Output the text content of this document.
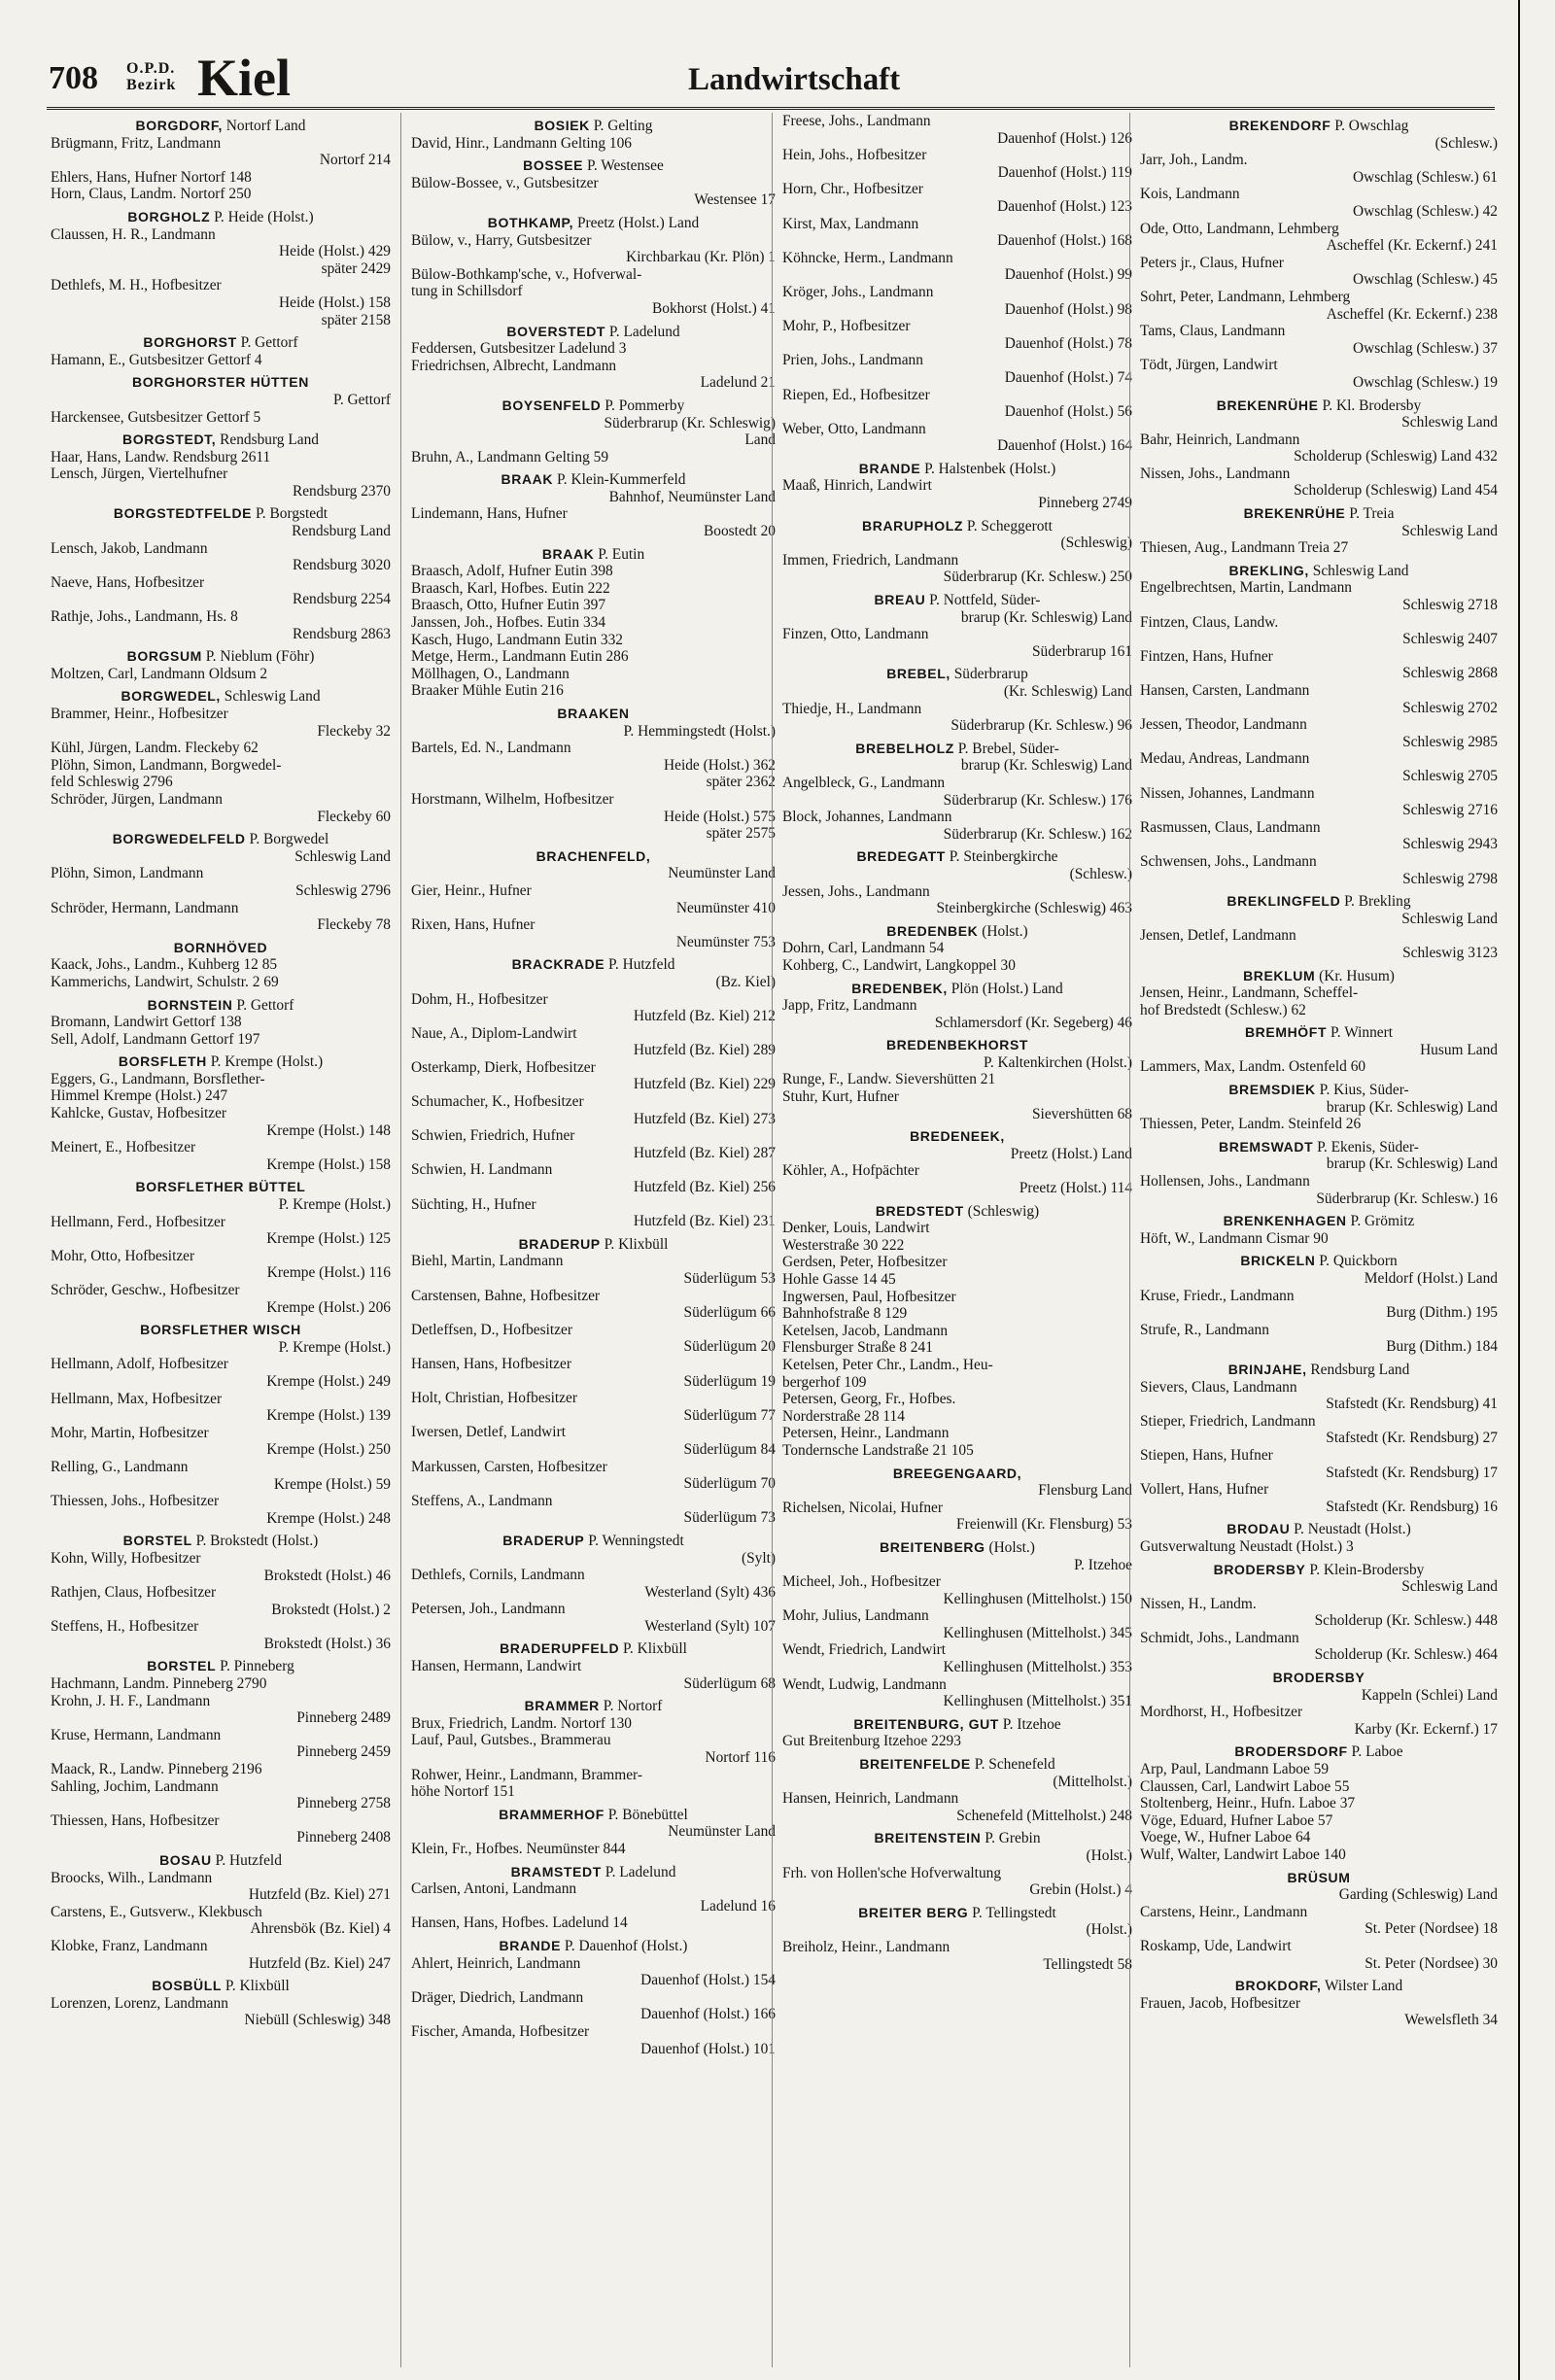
708 O.P.D.
Bezirk Kiel	Landwirtschaft
BORGDORF, Nortorf Land
Brügmann, Fritz, Landmann
Nortorf 214
Ehlers, Hans, Hufner Nortorf 148
Horn, Claus, Landm. Nortorf 250
BORGHOLZ P. Heide (Holst.)
Claussen, H. R., Landmann
Heide (Holst.) 429
später 2429
Dethlefs, M. H., Hofbesitzer
Heide (Holst.) 158
später 2158
BORGHORST P. Gettorf
Hamann, E., Gutsbesitzer Gettorf 4
BORGHORSTER HÜTTEN
P. Gettorf
Harckensee, Gutsbesitzer Gettorf 5
BORGSTEDT, Rendsburg Land
Haar, Hans, Landw. Rendsburg 2611
Lensch, Jürgen, Viertelhufner
Rendsburg 2370
BORGSTEDTFELDE P. Borgstedt
Rendsburg Land
Lensch, Jakob, Landmann
Rendsburg 3020
Naeve, Hans, Hofbesitzer
Rendsburg 2254
Rathje, Johs., Landmann, Hs. 8
Rendsburg 2863
BORGSUM P. Nieblum (Föhr)
Moltzen, Carl, Landmann Oldsum 2
BORGWEDEL, Schleswig Land
Brammer, Heinr., Hofbesitzer
Fleckeby 32
Kühl, Jürgen, Landm. Fleckeby 62
Plöhn, Simon, Landmann, Borgwedel-
feld Schleswig 2796
Schröder, Jürgen, Landmann
Fleckeby 60
BORGWEDELFELD P. Borgwedel
Schleswig Land
Plöhn, Simon, Landmann
Schleswig 2796
Schröder, Hermann, Landmann
Fleckeby 78
BORNHÖVED
Kaack, Johs., Landm., Kuhberg 12 85
Kammerichs, Landwirt, Schulstr. 2 69
BORNSTEIN P. Gettorf
Bromann, Landwirt Gettorf 138
Sell, Adolf, Landmann Gettorf 197
BORSFLETH P. Krempe (Holst.)
Eggers, G., Landmann, Borsflether-
Himmel Krempe (Holst.) 247
Kahlcke, Gustav, Hofbesitzer
Krempe (Holst.) 148
Meinert, E., Hofbesitzer
Krempe (Holst.) 158
BORSFLETHER BÜTTEL
P. Krempe (Holst.)
Hellmann, Ferd., Hofbesitzer
Krempe (Holst.) 125
Mohr, Otto, Hofbesitzer
Krempe (Holst.) 116
Schröder, Geschw., Hofbesitzer
Krempe (Holst.) 206
BORSFLETHER WISCH
P. Krempe (Holst.)
Hellmann, Adolf, Hofbesitzer
Krempe (Holst.) 249
Hellmann, Max, Hofbesitzer
Krempe (Holst.) 139
Mohr, Martin, Hofbesitzer
Krempe (Holst.) 250
Relling, G., Landmann
Krempe (Holst.) 59
Thiessen, Johs., Hofbesitzer
Krempe (Holst.) 248
BORSTEL P. Brokstedt (Holst.)
Kohn, Willy, Hofbesitzer
Brokstedt (Holst.) 46
Rathjen, Claus, Hofbesitzer
Brokstedt (Holst.) 2
Steffens, H., Hofbesitzer
Brokstedt (Holst.) 36
BORSTEL P. Pinneberg
Hachmann, Landm. Pinneberg 2790
Krohn, J. H. F., Landmann
Pinneberg 2489
Kruse, Hermann, Landmann
Pinneberg 2459
Maack, R., Landw. Pinneberg 2196
Sahling, Jochim, Landmann
Pinneberg 2758
Thiessen, Hans, Hofbesitzer
Pinneberg 2408
BOSAU P. Hutzfeld
Broocks, Wilh., Landmann
Hutzfeld (Bz. Kiel) 271
Carstens, E., Gutsverw., Klekbusch
Ahrensbök (Bz. Kiel) 4
Klobke, Franz, Landmann
Hutzfeld (Bz. Kiel) 247
BOSBÜLL P. Klixbüll
Lorenzen, Lorenz, Landmann
Niebüll (Schleswig) 348
BOSIEK P. Gelting
David, Hinr., Landmann Gelting 106
BOSSEE P. Westensee
Bülow-Bossee, v., Gutsbesitzer
Westensee 17
BOTHKAMP, Preetz (Holst.) Land
Bülow, v., Harry, Gutsbesitzer
Kirchbarkau (Kr. Plön) 1
Bülow-Bothkamp'sche, v., Hofverwal-
tung in Schillsdorf
Bokhorst (Holst.) 41
BOVERSTEDT P. Ladelund
Feddersen, Gutsbesitzer Ladelund 3
Friedrichsen, Albrecht, Landmann
Ladelund 21
BOYSENFELD P. Pommerby
Süderbrarup (Kr. Schleswig)
Land
Bruhn, A., Landmann Gelting 59
BRAAK P. Klein-Kummerfeld
Bahnhof, Neumünster Land
Lindemann, Hans, Hufner
Boostedt 20
BRAAK P. Eutin
Braasch, Adolf, Hufner Eutin 398
Braasch, Karl, Hofbes. Eutin 222
Braasch, Otto, Hufner Eutin 397
Janssen, Joh., Hofbes. Eutin 334
Kasch, Hugo, Landmann Eutin 332
Metge, Herm., Landmann Eutin 286
Möllhagen, O., Landmann
Braaker Mühle Eutin 216
BRAAKEN
P. Hemmingstedt (Holst.)
Bartels, Ed. N., Landmann
Heide (Holst.) 362
später 2362
Horstmann, Wilhelm, Hofbesitzer
Heide (Holst.) 575
später 2575
BRACHENFELD,
Neumünster Land
Gier, Heinr., Hufner
Neumünster 410
Rixen, Hans, Hufner
Neumünster 753
BRACKRADE P. Hutzfeld
(Bz. Kiel)
Dohm, H., Hofbesitzer
Hutzfeld (Bz. Kiel) 212
Naue, A., Diplom-Landwirt
Hutzfeld (Bz. Kiel) 289
Osterkamp, Dierk, Hofbesitzer
Hutzfeld (Bz. Kiel) 229
Schumacher, K., Hofbesitzer
Hutzfeld (Bz. Kiel) 273
Schwien, Friedrich, Hufner
Hutzfeld (Bz. Kiel) 287
Schwien, H. Landmann
Hutzfeld (Bz. Kiel) 256
Süchting, H., Hufner
Hutzfeld (Bz. Kiel) 231
BRADERUP P. Klixbüll
Biehl, Martin, Landmann
Süderlügum 53
Carstensen, Bahne, Hofbesitzer
Süderlügum 66
Detleffsen, D., Hofbesitzer
Süderlügum 20
Hansen, Hans, Hofbesitzer
Süderlügum 19
Holt, Christian, Hofbesitzer
Süderlügum 77
Iwersen, Detlef, Landwirt
Süderlügum 84
Markussen, Carsten, Hofbesitzer
Süderlügum 70
Steffens, A., Landmann
Süderlügum 73
BRADERUP P. Wenningstedt
(Sylt)
Dethlefs, Cornils, Landmann
Westerland (Sylt) 436
Petersen, Joh., Landmann
Westerland (Sylt) 107
BRADERUPFELD P. Klixbüll
Hansen, Hermann, Landwirt
Süderlügum 68
BRAMMER P. Nortorf
Brux, Friedrich, Landm. Nortorf 130
Lauf, Paul, Gutsbes., Brammerau
Nortorf 116
Rohwer, Heinr., Landmann, Brammer-
höhe Nortorf 151
BRAMMERHOF P. Bönebüttel
Neumünster Land
Klein, Fr., Hofbes. Neumünster 844
BRAMSTEDT P. Ladelund
Carlsen, Antoni, Landmann
Ladelund 16
Hansen, Hans, Hofbes. Ladelund 14
BRANDE P. Dauenhof (Holst.)
Ahlert, Heinrich, Landmann
Dauenhof (Holst.) 154
Dräger, Diedrich, Landmann
Dauenhof (Holst.) 166
Fischer, Amanda, Hofbesitzer
Dauenhof (Holst.) 101
Freese, Johs., Landmann
Dauenhof (Holst.) 126
Hein, Johs., Hofbesitzer
Dauenhof (Holst.) 119
Horn, Chr., Hofbesitzer
Dauenhof (Holst.) 123
Kirst, Max, Landmann
Dauenhof (Holst.) 168
Köhncke, Herm., Landmann
Dauenhof (Holst.) 99
Kröger, Johs., Landmann
Dauenhof (Holst.) 98
Mohr, P., Hofbesitzer
Dauenhof (Holst.) 78
Prien, Johs., Landmann
Dauenhof (Holst.) 74
Riepen, Ed., Hofbesitzer
Dauenhof (Holst.) 56
Weber, Otto, Landmann
Dauenhof (Holst.) 164
BRANDE P. Halstenbek (Holst.)
Maaß, Hinrich, Landwirt
Pinneberg 2749
BRARUPHOLZ P. Scheggerott
(Schleswig)
Immen, Friedrich, Landmann
Süderbrarup (Kr. Schlesw.) 250
BREAU P. Nottfeld, Süder-
brarup (Kr. Schleswig) Land
Finzen, Otto, Landmann
Süderbrarup 161
BREBEL, Süderbrarup
(Kr. Schleswig) Land
Thiedje, H., Landmann
Süderbrarup (Kr. Schlesw.) 96
BREBELHOLZ P. Brebel, Süder-
brarup (Kr. Schleswig) Land
Angelbleck, G., Landmann
Süderbrarup (Kr. Schlesw.) 176
Block, Johannes, Landmann
Süderbrarup (Kr. Schlesw.) 162
BREDEGATT P. Steinbergkirche
(Schlesw.)
Jessen, Johs., Landmann
Steinbergkirche (Schleswig) 463
BREDENBEK (Holst.)
Dohrn, Carl, Landmann 54
Kohberg, C., Landwirt, Langkoppel 30
BREDENBEK, Plön (Holst.) Land
Japp, Fritz, Landmann
Schlamersdorf (Kr. Segeberg) 46
BREDENBEKHORST
P. Kaltenkirchen (Holst.)
Runge, F., Landw. Sievershütten 21
Stuhr, Kurt, Hufner
Sievershütten 68
BREDENEEK,
Preetz (Holst.) Land
Köhler, A., Hofpächter
Preetz (Holst.) 114
BREDSTEDT (Schleswig)
Denker, Louis, Landwirt
Westerstraße 30 222
Gerdsen, Peter, Hofbesitzer
Hohle Gasse 14 45
Ingwersen, Paul, Hofbesitzer
Bahnhofstraße 8 129
Ketelsen, Jacob, Landmann
Flensburger Straße 8 241
Ketelsen, Peter Chr., Landm., Heu-
bergerhof 109
Petersen, Georg, Fr., Hofbes.
Norderstraße 28 114
Petersen, Heinr., Landmann
Tondernsche Landstraße 21 105
BREEGENGAARD,
Flensburg Land
Richelsen, Nicolai, Hufner
Freienwill (Kr. Flensburg) 53
BREITENBERG (Holst.)
P. Itzehoe
Micheel, Joh., Hofbesitzer
Kellinghusen (Mittelholst.) 150
Mohr, Julius, Landmann
Kellinghusen (Mittelholst.) 345
Wendt, Friedrich, Landwirt
Kellinghusen (Mittelholst.) 353
Wendt, Ludwig, Landmann
Kellinghusen (Mittelholst.) 351
BREITENBURG, GUT P. Itzehoe
Gut Breitenburg Itzehoe 2293
BREITENFELDE P. Schenefeld
(Mittelholst.)
Hansen, Heinrich, Landmann
Schenefeld (Mittelholst.) 248
BREITENSTEIN P. Grebin
(Holst.)
Frh. von Hollen'sche Hofverwaltung
Grebin (Holst.) 4
BREITER BERG P. Tellingstedt
(Holst.)
Breiholz, Heinr., Landmann
Tellingstedt 58
BREKENDORF P. Owschlag
(Schlesw.)
Jarr, Joh., Landm.
Owschlag (Schlesw.) 61
Kois, Landmann
Owschlag (Schlesw.) 42
Ode, Otto, Landmann, Lehmberg
Ascheffel (Kr. Eckernf.) 241
Peters jr., Claus, Hufner
Owschlag (Schlesw.) 45
Sohrt, Peter, Landmann, Lehmberg
Ascheffel (Kr. Eckernf.) 238
Tams, Claus, Landmann
Owschlag (Schlesw.) 37
Tödt, Jürgen, Landwirt
Owschlag (Schlesw.) 19
BREKENRÜHE P. Kl. Brodersby
Schleswig Land
Bahr, Heinrich, Landmann
Scholderup (Schleswig) Land 432
Nissen, Johs., Landmann
Scholderup (Schleswig) Land 454
BREKENRÜHE P. Treia
Schleswig Land
Thiesen, Aug., Landmann Treia 27
BREKLING, Schleswig Land
Engelbrechtsen, Martin, Landmann
Schleswig 2718
Fintzen, Claus, Landw.
Schleswig 2407
Fintzen, Hans, Hufner
Schleswig 2868
Hansen, Carsten, Landmann
Schleswig 2702
Jessen, Theodor, Landmann
Schleswig 2985
Medau, Andreas, Landmann
Schleswig 2705
Nissen, Johannes, Landmann
Schleswig 2716
Rasmussen, Claus, Landmann
Schleswig 2943
Schwensen, Johs., Landmann
Schleswig 2798
BREKLINGFELD P. Brekling
Schleswig Land
Jensen, Detlef, Landmann
Schleswig 3123
BREKLUM (Kr. Husum)
Jensen, Heinr., Landmann, Scheffel-
hof Bredstedt (Schlesw.) 62
BREMHÖFT P. Winnert
Husum Land
Lammers, Max, Landm. Ostenfeld 60
BREMSDIEK P. Kius, Süder-
brarup (Kr. Schleswig) Land
Thiessen, Peter, Landm. Steinfeld 26
BREMSWADT P. Ekenis, Süder-
brarup (Kr. Schleswig) Land
Hollensen, Johs., Landmann
Süderbrarup (Kr. Schlesw.) 16
BRENKENHAGEN P. Grömitz
Höft, W., Landmann Cismar 90
BRICKELN P. Quickborn
Meldorf (Holst.) Land
Kruse, Friedr., Landmann
Burg (Dithm.) 195
Strufe, R., Landmann
Burg (Dithm.) 184
BRINJAHE, Rendsburg Land
Sievers, Claus, Landmann
Stafstedt (Kr. Rendsburg) 41
Stieper, Friedrich, Landmann
Stafstedt (Kr. Rendsburg) 27
Stiepen, Hans, Hufner
Stafstedt (Kr. Rendsburg) 17
Vollert, Hans, Hufner
Stafstedt (Kr. Rendsburg) 16
BRODAU P. Neustadt (Holst.)
Gutsverwaltung Neustadt (Holst.) 3
BRODERSBY P. Klein-Brodersby
Schleswig Land
Nissen, H., Landm.
Scholderup (Kr. Schlesw.) 448
Schmidt, Johs., Landmann
Scholderup (Kr. Schlesw.) 464
BRODERSBY
Kappeln (Schlei) Land
Mordhorst, H., Hofbesitzer
Karby (Kr. Eckernf.) 17
BRODERSDORF P. Laboe
Arp, Paul, Landmann Laboe 59
Claussen, Carl, Landwirt Laboe 55
Stoltenberg, Heinr., Hufn. Laboe 37
Vöge, Eduard, Hufner Laboe 57
Voege, W., Hufner Laboe 64
Wulf, Walter, Landwirt Laboe 140
BRÜSUM
Garding (Schleswig) Land
Carstens, Heinr., Landmann
St. Peter (Nordsee) 18
Roskamp, Ude, Landwirt
St. Peter (Nordsee) 30
BROKDORF, Wilster Land
Frauen, Jacob, Hofbesitzer
Wewelsfleth 34
